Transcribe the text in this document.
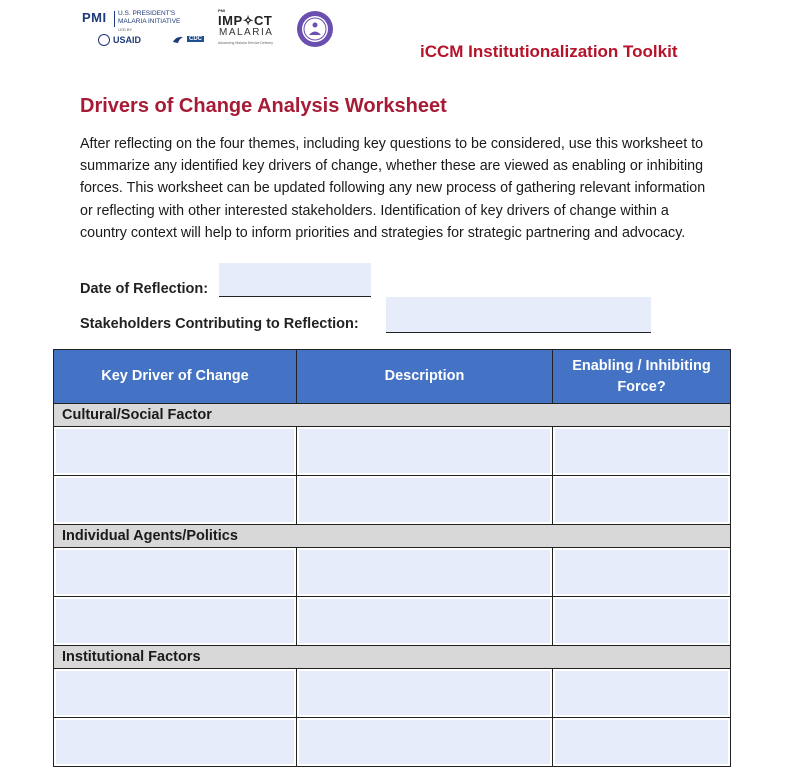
PMI U.S. PRESIDENT'S
MALARIA INITIATIVE
LED BY
USAID	CDC
PMI
IMP✧CT
MALARIA
Advancing Malaria Service Delivery	iCCM Institutionalization Toolkit
Drivers of Change Analysis Worksheet
After reflecting on the four themes, including key questions to be considered, use this worksheet to summarize any identified key drivers of change, whether these are viewed as enabling or inhibiting forces. This worksheet can be updated following any new process of gathering relevant information or reflecting with other interested stakeholders. Identification of key drivers of change within a country context will help to inform priorities and strategies for strategic partnering and advocacy.
Date of Reflection:
Stakeholders Contributing to Reflection:
Key Driver of Change	Description	Enabling / Inhibiting Force?
Cultural/Social Factor		

Individual Agents/Politics		

Institutional Factors		
